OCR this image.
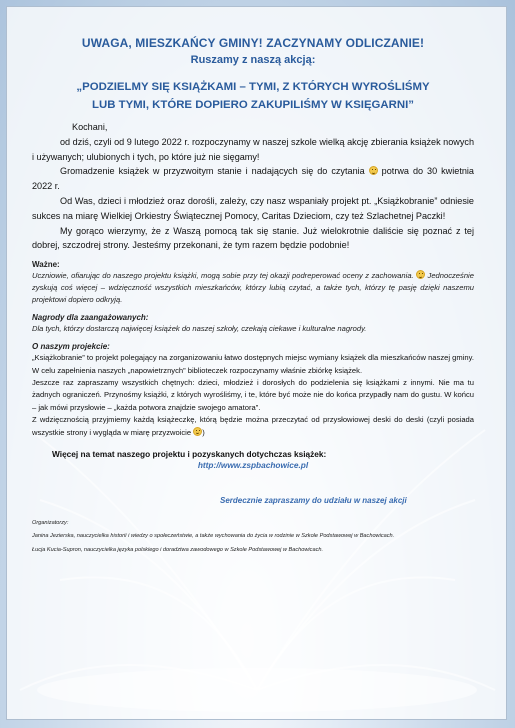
UWAGA, MIESZKAŃCY GMINY! ZACZYNAMY ODLICZANIE!

Ruszamy z naszą akcją:

„PODZIELMY SIĘ KSIĄŻKAMI – TYMI, Z KTÓRYCH WYROŚLIŚMY
LUB TYMI, KTÓRE DOPIERO ZAKUPILIŚMY W KSIĘGARNI”

Kochani,

od dziś, czyli od 9 lutego 2022 r. rozpoczynamy w naszej szkole wielką akcję zbierania książek nowych i używanych; ulubionych i tych, po które już nie sięgamy!

Gromadzenie książek w przyzwoitym stanie i nadających się do czytania potrwa do 30 kwietnia 2022 r.

Od Was, dzieci i młodzież oraz dorośli, zależy, czy nasz wspaniały projekt pt. „Książkobranie” odniesie sukces na miarę Wielkiej Orkiestry Świątecznej Pomocy, Caritas Dzieciom, czy też Szlachetnej Paczki!

My gorąco wierzymy, że z Waszą pomocą tak się stanie. Już wielokrotnie daliście się poznać z tej dobrej, szczodrej strony. Jesteśmy przekonani, że tym razem będzie podobnie!

Ważne:

Uczniowie, ofiarując do naszego projektu książki, mogą sobie przy tej okazji podreperować oceny z zachowania. Jednocześnie zyskują coś więcej – wdzięczność wszystkich mieszkańców, którzy lubią czytać, a także tych, którzy tę pasję dzięki naszemu projektowi dopiero odkryją.

Nagrody dla zaangażowanych:

Dla tych, którzy dostarczą najwięcej książek do naszej szkoły, czekają ciekawe i kulturalne nagrody.

O naszym projekcie:

„Książkobranie” to projekt polegający na zorganizowaniu łatwo dostępnych miejsc wymiany książek dla mieszkańców naszej gminy. W celu zapełnienia naszych „napowietrznych” biblioteczek rozpoczynamy właśnie zbiórkę książek.

Jeszcze raz zapraszamy wszystkich chętnych: dzieci, młodzież i dorosłych do podzielenia się książkami z innymi. Nie ma tu żadnych ograniczeń. Przynośmy książki, z których wyrośliśmy, i te, które być może nie do końca przypadły nam do gustu. W końcu – jak mówi przysłowie – „każda potwora znajdzie swojego amatora”.

Z wdzięcznością przyjmiemy każdą książeczkę, którą będzie można przeczytać od przysłowiowej deski do deski (czyli posiada wszystkie strony i wygląda w miarę przyzwoicie )

Więcej na temat naszego projektu i pozyskanych dotychczas książek:

http://www.zspbachowice.pl

Serdecznie zapraszamy do udziału w naszej akcji

Organizatorzy:

Janina Jezierska, nauczycielka historii i wiedzy o społeczeństwie, a także wychowania do życia w rodzinie w Szkole Podstawowej w Bachowicach.

Łucja Kucia-Supron, nauczycielka języka polskiego i doradztwa zawodowego w Szkole Podstawowej w Bachowicach.
